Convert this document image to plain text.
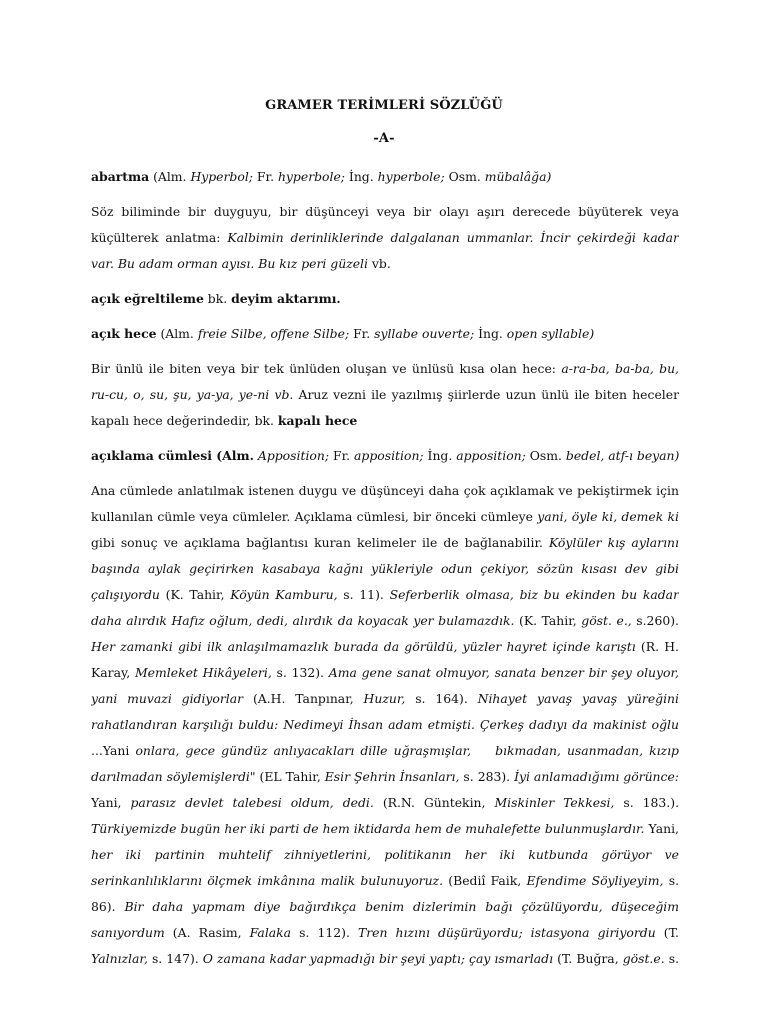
GRAMER TERİMLERİ SÖZLÜĞÜ
-A-
abartma (Alm. Hyperbol; Fr. hyperbole; İng. hyperbole; Osm. mübalâğa)
Söz biliminde bir duyguyu, bir düşünceyi veya bir olayı aşırı derecede büyüterek veya
küçülterek anlatma: Kalbimin derinliklerinde dalgalanan ummanlar. İncir çekirdeği kadar
var. Bu adam orman ayısı. Bu kız peri güzeli vb.
açık eğreltileme bk. deyim aktarımı.
açık hece (Alm. freie Silbe, offene Silbe; Fr. syllabe ouverte; İng. open syllable)
Bir ünlü ile biten veya bir tek ünlüden oluşan ve ünlüsü kısa olan hece: a-ra-ba, ba-ba, bu,
ru-cu, o, su, şu, ya-ya, ye-ni vb. Aruz vezni ile yazılmış şiirlerde uzun ünlü ile biten heceler
kapalı hece değerindedir, bk. kapalı hece
açıklama cümlesi (Alm. Apposition; Fr. apposition; İng. apposition; Osm. bedel, atf-ı beyan)
Ana cümlede anlatılmak istenen duygu ve düşünceyi daha çok açıklamak ve pekiştirmek için
kullanılan cümle veya cümleler. Açıklama cümlesi, bir önceki cümleye yani, öyle ki, demek ki
gibi sonuç ve açıklama bağlantısı kuran kelimeler ile de bağlanabilir. Köylüler kış aylarını
başında aylak geçirirken kasabaya kağnı yükleriyle odun çekiyor, sözün kısası dev gibi
çalışıyordu (K. Tahir, Köyün Kamburu, s. 11). Seferberlik olmasa, biz bu ekinden bu kadar
daha alırdık Hafız oğlum, dedi, alırdık da koyacak yer bulamazdık. (K. Tahir, göst. e., s.260).
Her zamanki gibi ilk anlaşılmamazlık burada da görüldü, yüzler hayret içinde karıştı (R. H.
Karay, Memleket Hikâyeleri, s. 132). Ama gene sanat olmuyor, sanata benzer bir şey oluyor,
yani muvazi gidiyorlar (A.H. Tanpınar, Huzur, s. 164). Nihayet yavaş yavaş yüreğini
rahatlandıran karşılığı buldu: Nedimeyi İhsan adam etmişti. Çerkeş dadıyı da makinist oğlu
...Yani onlara, gece gündüz anlıyacakları dille uğraşmışlar, bıkmadan, usanmadan, kızıp
darılmadan söylemişlerdi" (EL Tahir, Esir Şehrin İnsanları, s. 283). İyi anlamadığımı görünce:
Yani, parasız devlet talebesi oldum, dedi. (R.N. Güntekin, Miskinler Tekkesi, s. 183.).
Türkiyemizde bugün her iki parti de hem iktidarda hem de muhalefette bulunmuşlardır. Yani,
her iki partinin muhtelif zihniyetlerini, politikanın her iki kutbunda görüyor ve
serinkanlılıklarını ölçmek imkânına malik bulunuyoruz. (Bediî Faik, Efendime Söyliyeyim, s.
86). Bir daha yapmam diye bağırdıkça benim dizlerimin bağı çözülüyordu, düşeceğim
sanıyordum (A. Rasim, Falaka s. 112). Tren hızını düşürüyordu; istasyona giriyordu (T.
Yalnızlar, s. 147). O zamana kadar yapmadığı bir şeyi yaptı; çay ısmarladı (T. Buğra, göst.e. s.
